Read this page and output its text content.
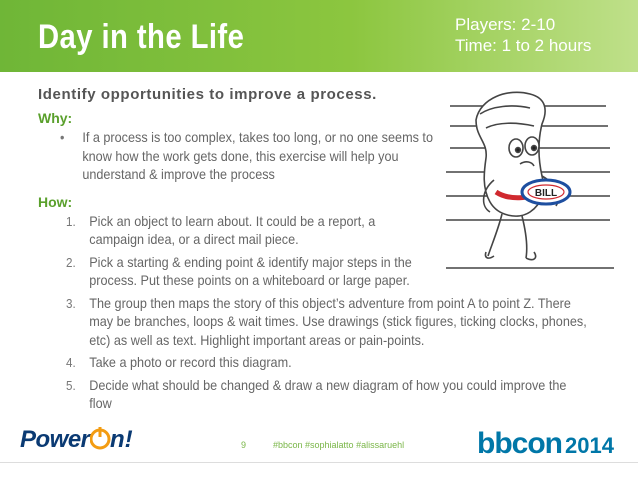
Day in the Life	Players: 2-10
Time: 1 to 2 hours
Identify opportunities to improve a process.
Why:
• If a process is too complex, takes too long, or no one seems to know how the work gets done, this exercise will help you understand & improve the process
How:
1. Pick an object to learn about. It could be a report, a campaign idea, or a direct mail piece.
2. Pick a starting & ending point & identify major steps in the process. Put these points on a whiteboard or large paper.
3. The group then maps the story of this object’s adventure from point A to point Z. There may be branches, loops & wait times. Use drawings (stick figures, ticking clocks, phones, etc) as well as text. Highlight important areas or pain-points.
4. Take a photo or record this diagram.
5. Decide what should be changed & draw a new diagram of how you could improve the flow
BILL
Power n!	9	#bbcon #sophialatto #alissaruehl bbcon 2014
